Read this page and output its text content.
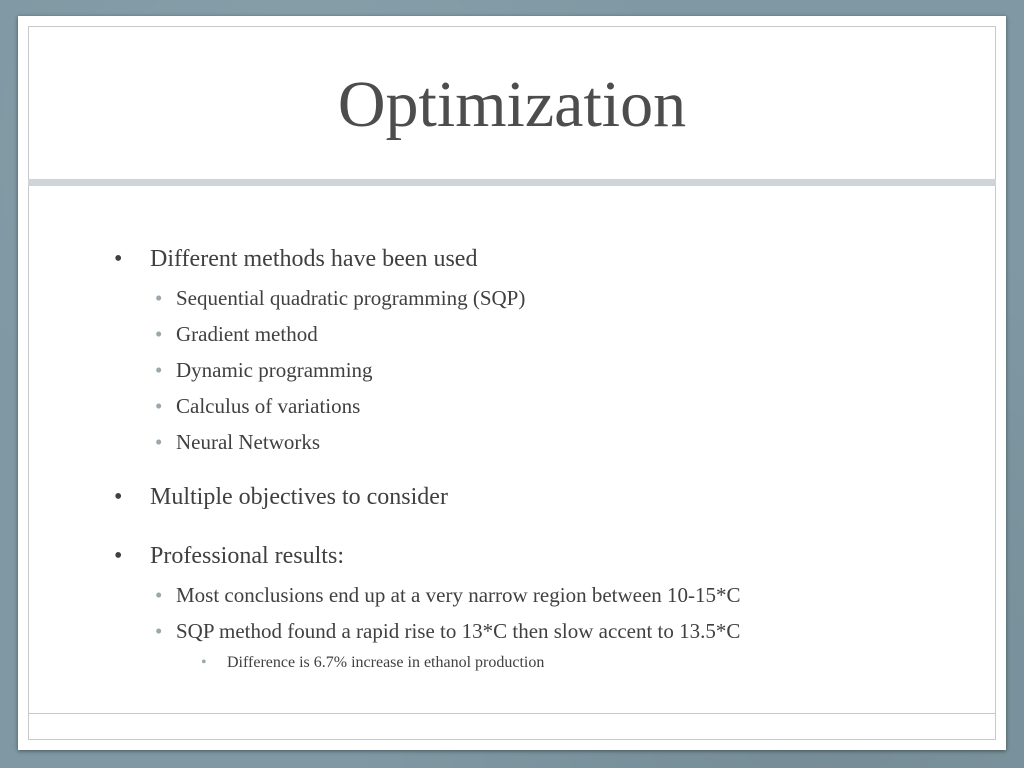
Optimization
• Different methods have been used
• Sequential quadratic programming (SQP)
• Gradient method
• Dynamic programming
• Calculus of variations
• Neural Networks
• Multiple objectives to consider
• Professional results:
• Most conclusions end up at a very narrow region between 10-15*C
• SQP method found a rapid rise to 13*C then slow accent to 13.5*C
• Difference is 6.7% increase in ethanol production
